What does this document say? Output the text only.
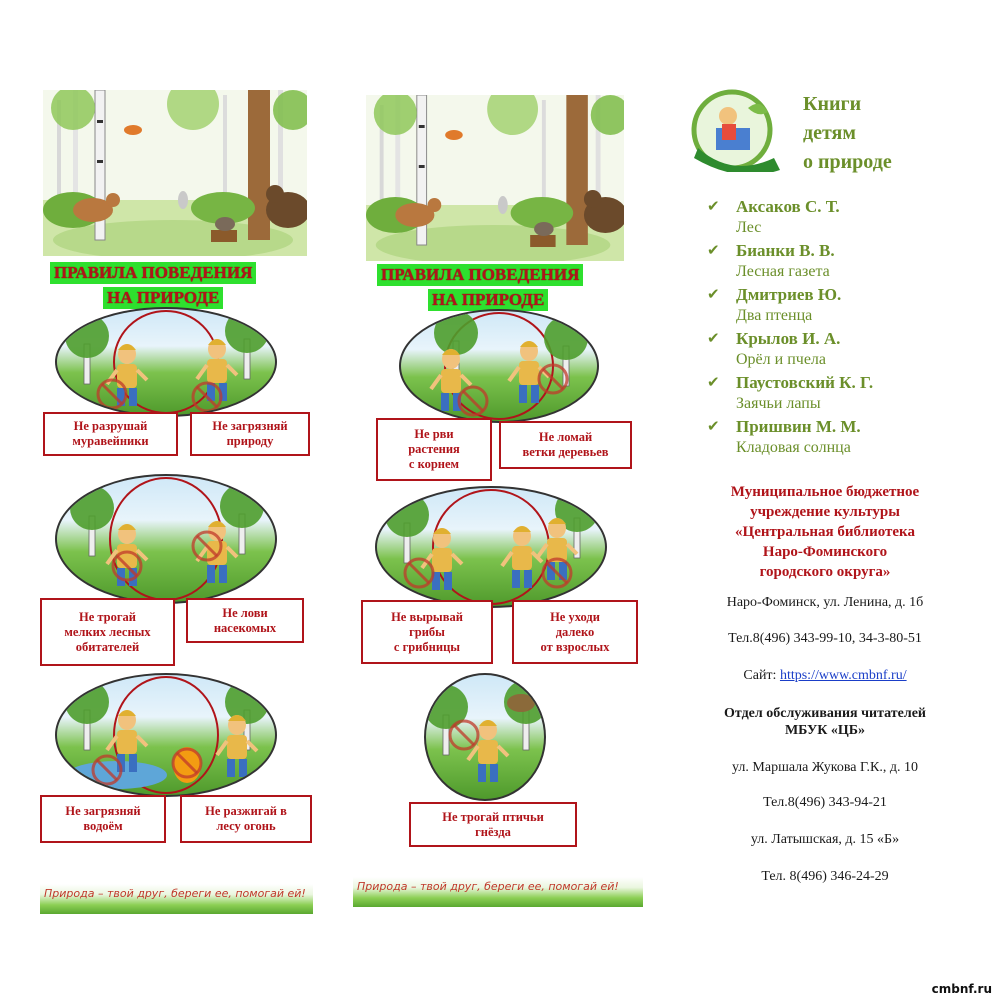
ПРАВИЛА ПОВЕДЕНИЯ
НА ПРИРОДЕ
Не разрушай
муравейники
Не загрязняй
природу
Не трогай
мелких лесных
обитателей
Не лови
насекомых
Не загрязняй
водоём
Не разжигай в
лесу огонь
Природа – твой друг, береги ее, помогай ей!
ПРАВИЛА ПОВЕДЕНИЯ
НА ПРИРОДЕ
Не рви
растения
с корнем
Не ломай
ветки деревьев
Не вырывай
грибы
с грибницы
Не уходи
далеко
от взрослых
Не трогай птичьи
гнёзда
Природа – твой друг, береги ее, помогай ей!
Книги
детям
о природе
✔ Аксаков С. Т.
Лес
✔ Бианки В. В.
Лесная газета
✔ Дмитриев Ю.
Два птенца
✔ Крылов И. А.
Орёл и пчела
✔ Паустовский К. Г.
Заячьи лапы
✔ Пришвин М. М.
Кладовая солнца
Муниципальное бюджетное
учреждение культуры
«Центральная библиотека
Наро-Фоминского
городского округа»
Наро-Фоминск, ул. Ленина, д. 1б
Тел.8(496) 343-99-10, 34-3-80-51
Сайт: https://www.cmbnf.ru/
Отдел обслуживания читателей
МБУК «ЦБ»
ул. Маршала Жукова Г.К., д. 10
Тел.8(496) 343-94-21
ул. Латышская, д. 15 «Б»
Тел. 8(496) 346-24-29
cmbnf.ru
